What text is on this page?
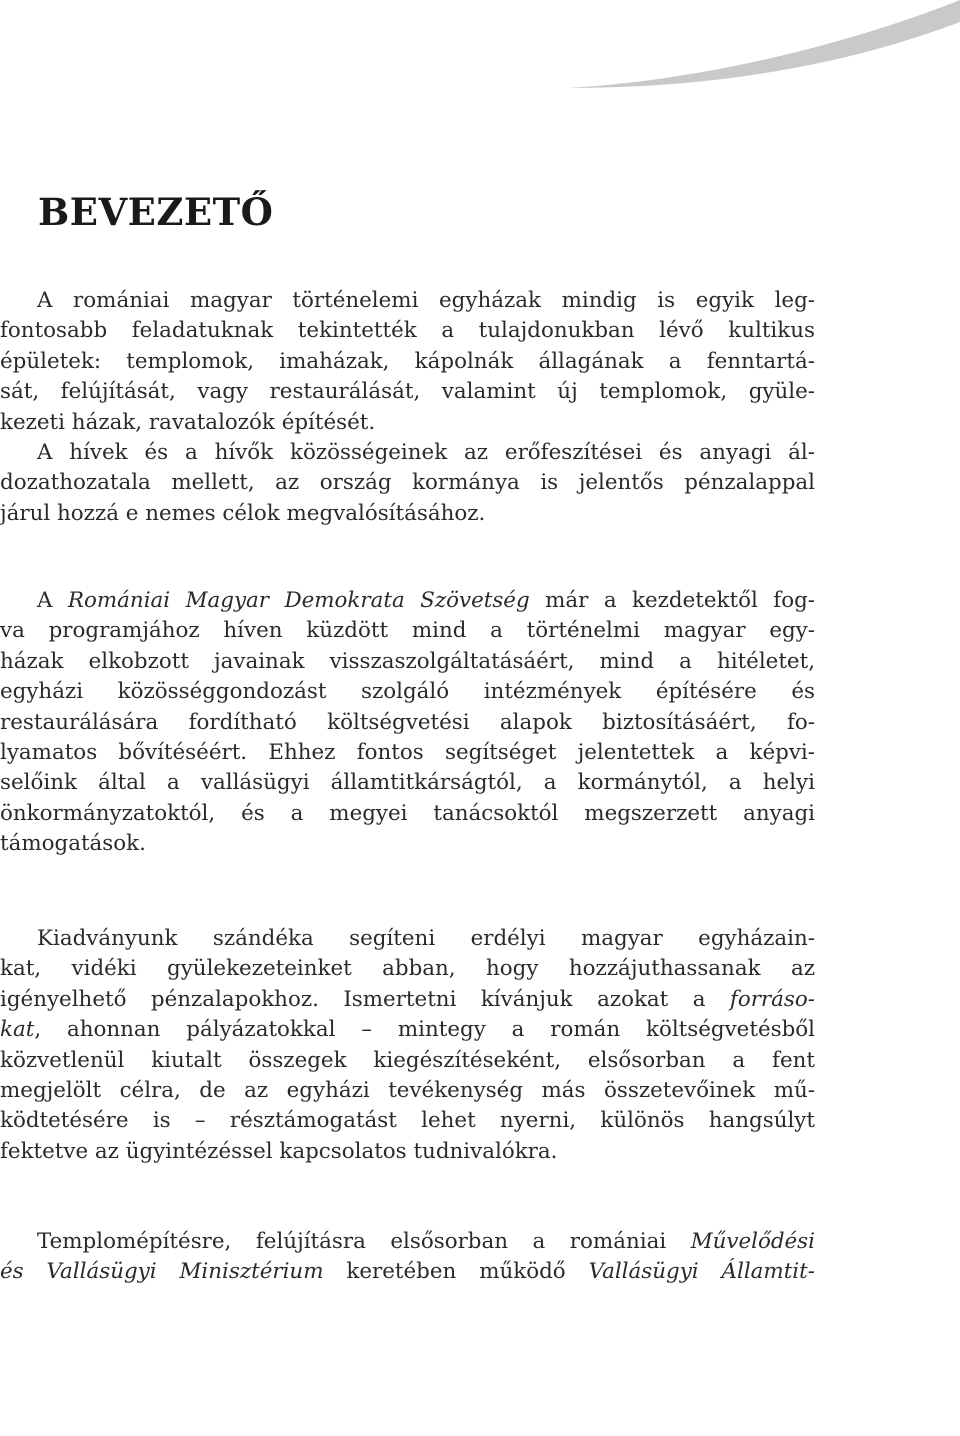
BEVEZETŐ
A romániai magyar történelemi egyházak mindig is egyik leg-
fontosabb feladatuknak tekintették a tulajdonukban lévő kultikus
épületek: templomok, imaházak, kápolnák állagának a fenntartá-
sát, felújítását, vagy restaurálását, valamint új templomok, gyüle-
kezeti házak, ravatalozók építését.
A hívek és a hívők közösségeinek az erőfeszítései és anyagi ál-
dozathozatala mellett, az ország kormánya is jelentős pénzalappal
járul hozzá e nemes célok megvalósításához.
A Romániai Magyar Demokrata Szövetség már a kezdetektől fog-
va programjához híven küzdött mind a történelmi magyar egy-
házak elkobzott javainak visszaszolgáltatásáért, mind a hitéletet,
egyházi közösséggondozást szolgáló intézmények építésére és
restaurálására fordítható költségvetési alapok biztosításáért, fo-
lyamatos bővítéséért. Ehhez fontos segítséget jelentettek a képvi-
selőink által a vallásügyi államtitkárságtól, a kormánytól, a helyi
önkormányzatoktól, és a megyei tanácsoktól megszerzett anyagi
támogatások.
Kiadványunk szándéka segíteni erdélyi magyar egyházain-
kat, vidéki gyülekezeteinket abban, hogy hozzájuthassanak az
igényelhető pénzalapokhoz. Ismertetni kívánjuk azokat a forráso-
kat, ahonnan pályázatokkal – mintegy a román költségvetésből
közvetlenül kiutalt összegek kiegészítéseként, elsősorban a fent
megjelölt célra, de az egyházi tevékenység más összetevőinek mű-
ködtetésére is – résztámogatást lehet nyerni, különös hangsúlyt
fektetve az ügyintézéssel kapcsolatos tudnivalókra.
Templomépítésre, felújításra elsősorban a romániai Művelődési
és Vallásügyi Minisztérium keretében működő Vallásügyi Államtit-
